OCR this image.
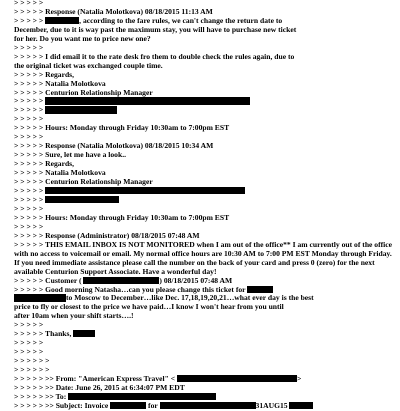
> > > > >
> > > > > Response (Natalia Molotkova) 08/18/2015 11:13 AM
> > > > >	, according to the fare rules, we can't change the return date to
December, due to it is way past the maximum stay, you will have to purchase new ticket
for her. Do you want me to price new one?
> > > > >
> > > > > I did email it to the rate desk fro them to double check the rules again, due to
the original ticket was exchanged couple time.
> > > > > Regards,
> > > > > Natalia Molotkova
> > > > > Centurion Relationship Manager
> > > > >
> > > > >
> > > > >
> > > > > Hours: Monday through Friday 10:30am to 7:00pm EST
> > > > >
> > > > > Response (Natalia Molotkova) 08/18/2015 10:34 AM
> > > > > Sure, let me have a look..
> > > > > Regards,
> > > > > Natalia Molotkova
> > > > > Centurion Relationship Manager
> > > > >
> > > > >
> > > > >
> > > > > Hours: Monday through Friday 10:30am to 7:00pm EST
> > > > >
> > > > > Response (Administrator) 08/18/2015 07:48 AM
> > > > > THIS EMAIL INBOX IS NOT MONITORED when I am out of the office** I am currently out of the office with no access to voicemail or email. My normal office hours are 10:30 AM to 7:00 PM EST Monday through Friday. If you need immediate assistance please call the number on the back of your card and press 0 (zero) for the next available Centurion Support Associate. Have a wonderful day!
> > > > > Customer (	) 08/18/2015 07:48 AM
> > > > > Good morning Natasha…can you please change this ticket for
to Moscow to December…like Dec. 17,18,19,20,21…what ever day is the best
price to fly or closest to the price we have paid…I know I won't hear from you until
after 10am when your shift starts….!
> > > > >
> > > > > Thanks,
> > > > >
> > > > >
> > > > > >
> > > > > >
> > > > > >> From: "American Express Travel" <	>
> > > > > >> Date: June 26, 2015 at 6:34:07 PM EDT
> > > > > >> To:
> > > > > >> Subject: Invoice	for	31AUG15
